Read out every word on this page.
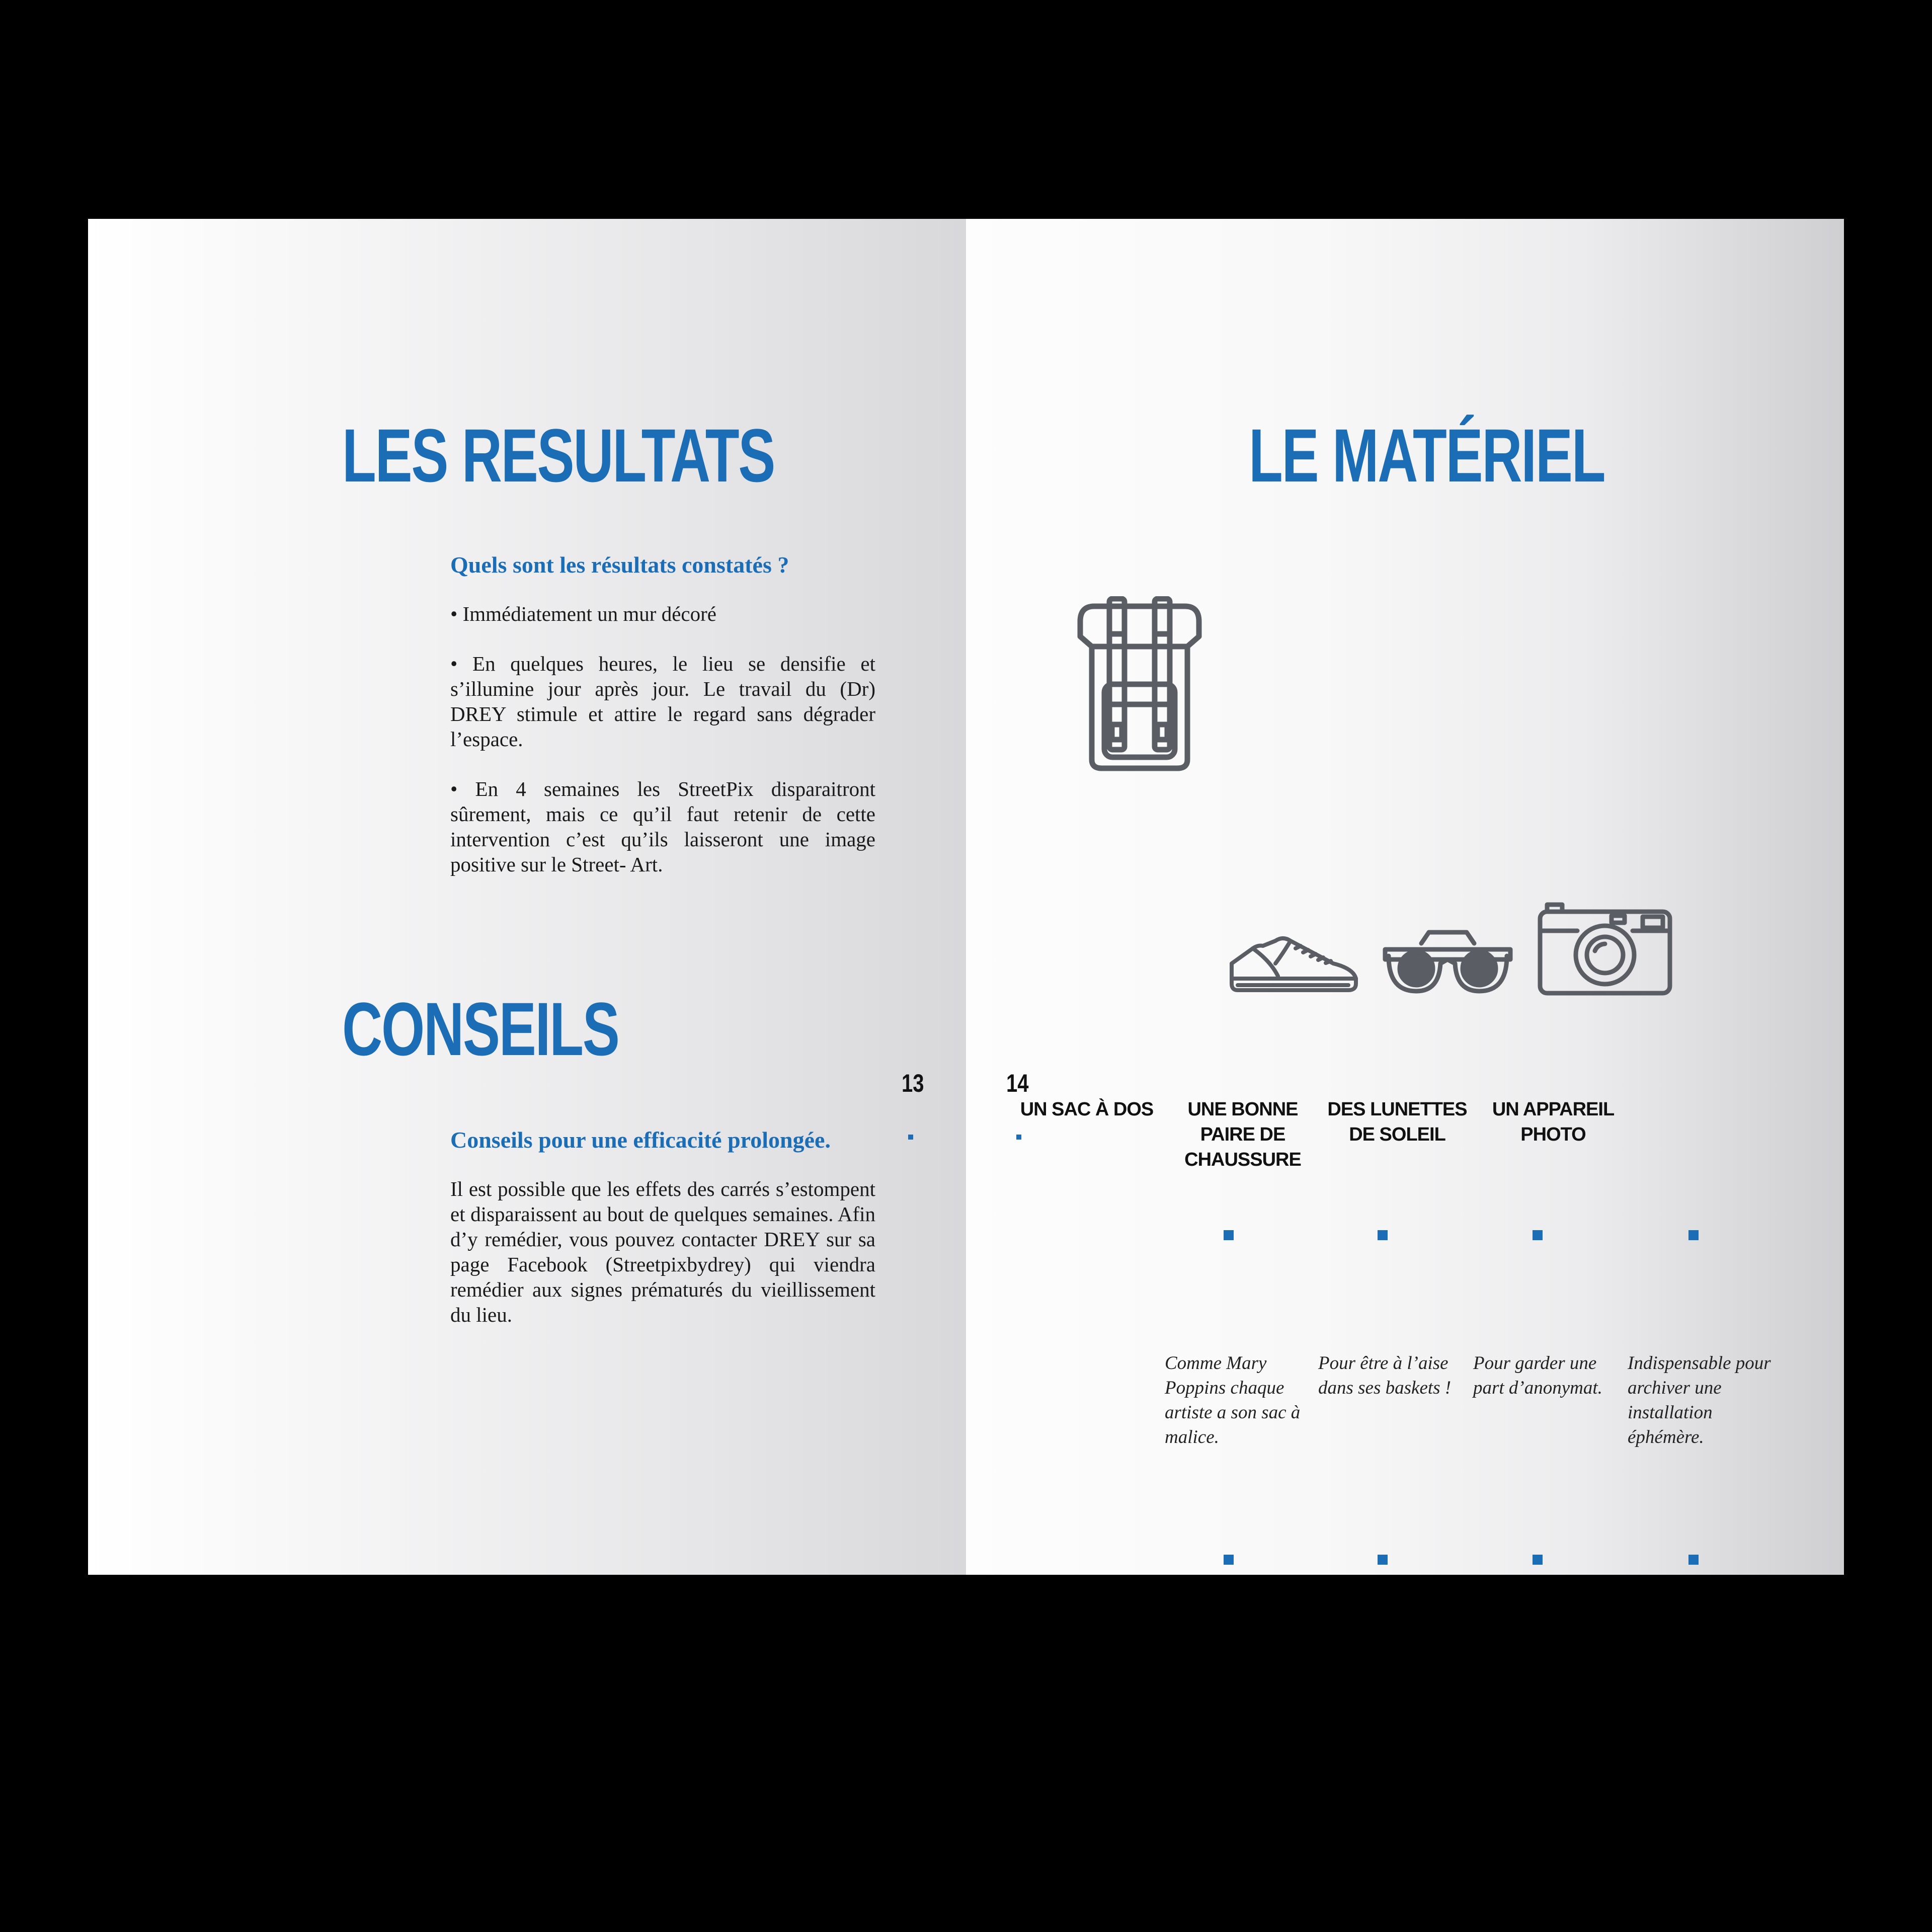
LES RESULTATS
Quels sont les résultats constatés ?

• Immédiatement un mur décoré

• En quelques heures, le lieu se densifie et s’illumine jour après jour. Le travail du (Dr) DREY stimule et attire le regard sans dégrader l’espace.

• En 4 semaines les StreetPix disparaitront sûrement, mais ce qu’il faut retenir de cette intervention c’est qu’ils laisseront une image positive sur le Street- Art.

13
CONSEILS
Conseils pour une efficacité prolongée.
Il est possible que les effets des carrés s’estompent et disparaissent au bout de quelques semaines. Afin d’y remédier, vous pouvez contacter DREY sur sa page Facebook (Streetpixbydrey) qui viendra remédier aux signes prématurés du vieillissement du lieu.
LE MATÉRIEL
14
UN SAC À DOS	UNE BONNE PAIRE DE CHAUSSURE
DES LUNETTES DE SOLEIL
UN APPAREIL PHOTO
Comme Mary Poppins chaque artiste a son sac à malice.
Pour être à l’aise dans ses baskets !
Pour garder une part d’anonymat.
Indispensable pour archiver une installation éphémère.
